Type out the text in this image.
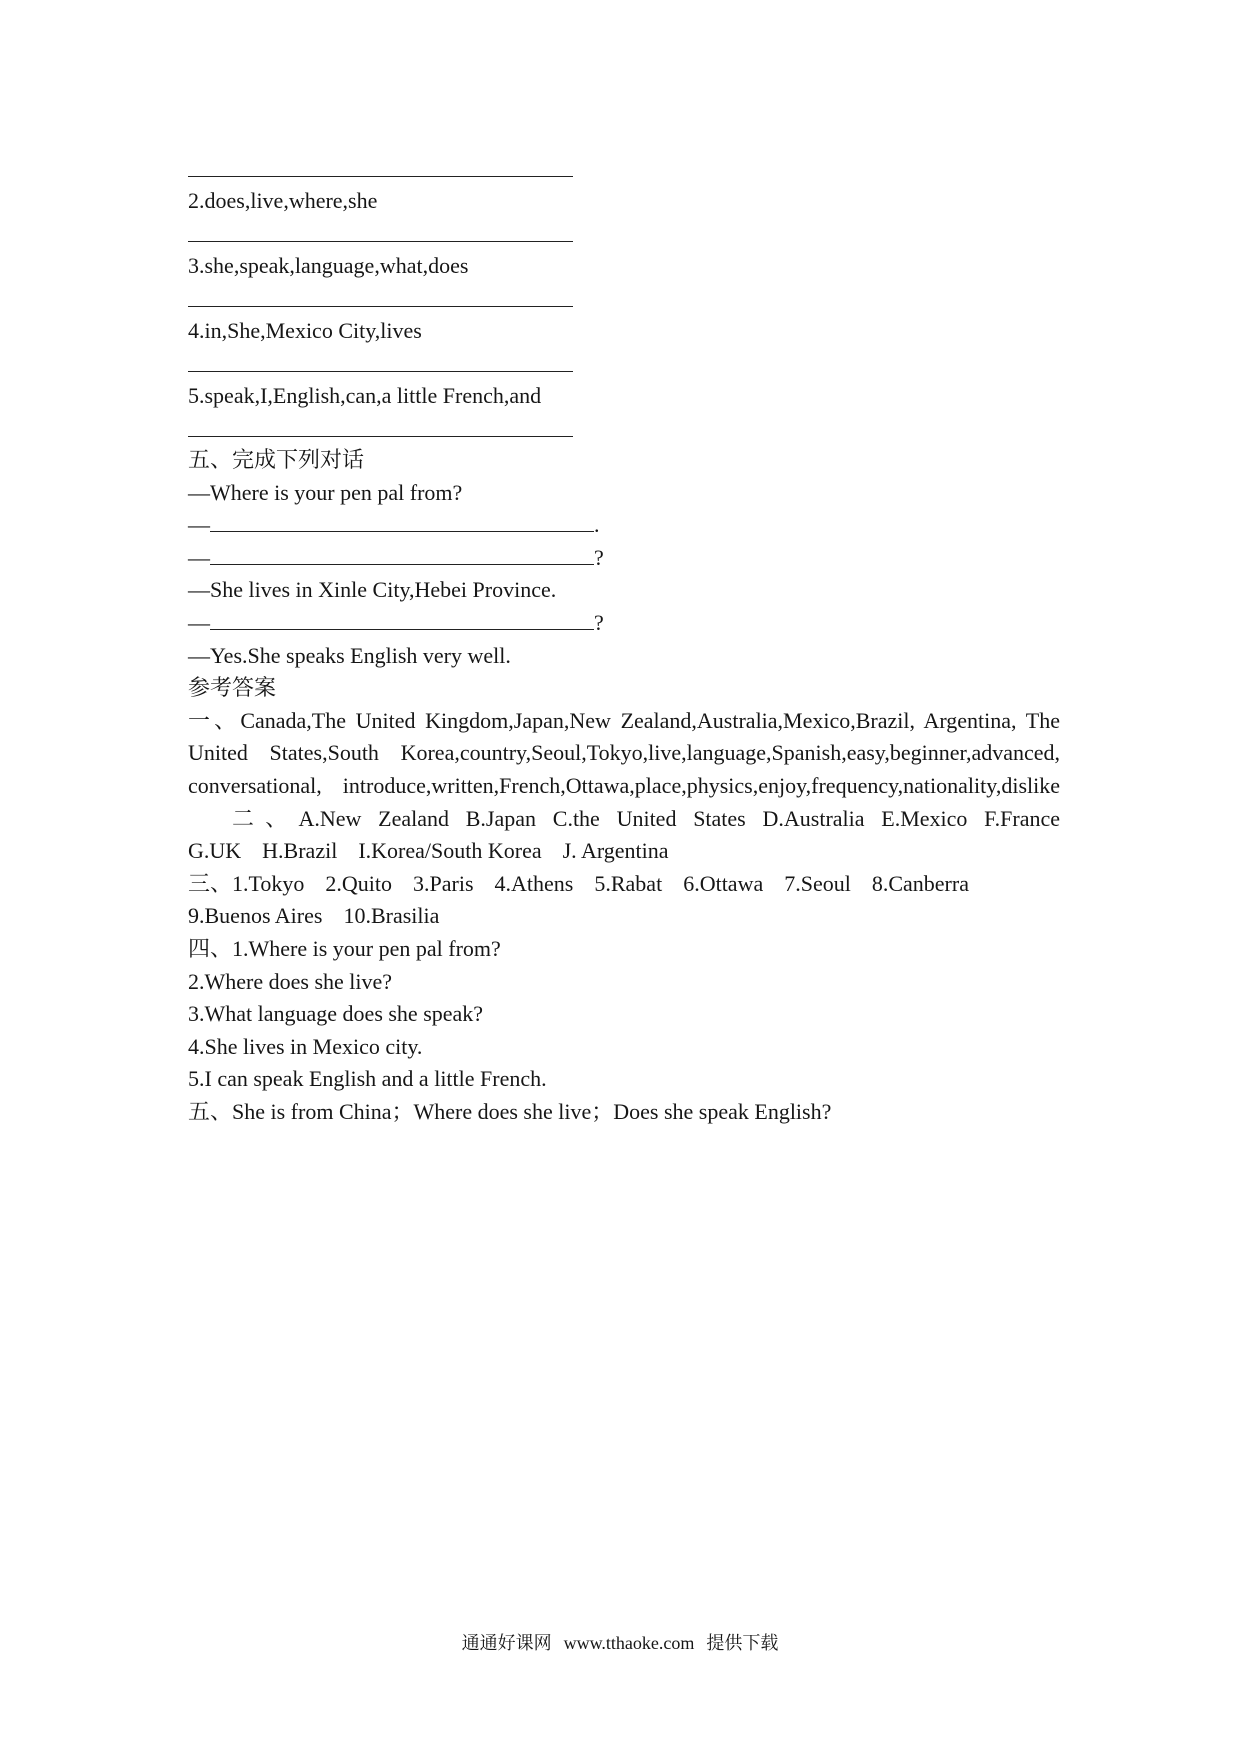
2.does,live,where,she
3.she,speak,language,what,does
4.in,She,Mexico City,lives
5.speak,I,English,can,a little French,and
五、完成下列对话
—Where is your pen pal from?
—	.
—	?
—She lives in Xinle City,Hebei Province.
—	?
—Yes.She speaks English very well.
参考答案
一、Canada,The United Kingdom,Japan,New Zealand,Australia,Mexico,Brazil, Argentina, The
United States,South Korea,country,Seoul,Tokyo,live,language,Spanish,easy,beginner,advanced,
conversational, introduce,written,French,Ottawa,place,physics,enjoy,frequency,nationality,dislike
二、A.New Zealand B.Japan C.the United States D.Australia E.Mexico F.France
G.UK H.Brazil I.Korea/South Korea J. Argentina
三、1.Tokyo 2.Quito 3.Paris 4.Athens 5.Rabat 6.Ottawa 7.Seoul 8.Canberra
9.Buenos Aires 10.Brasilia
四、1.Where is your pen pal from?
2.Where does she live?
3.What language does she speak?
4.She lives in Mexico city.
5.I can speak English and a little French.
五、She is from China；Where does she live；Does she speak English?
通通好课网 www.tthaoke.com 提供下载
